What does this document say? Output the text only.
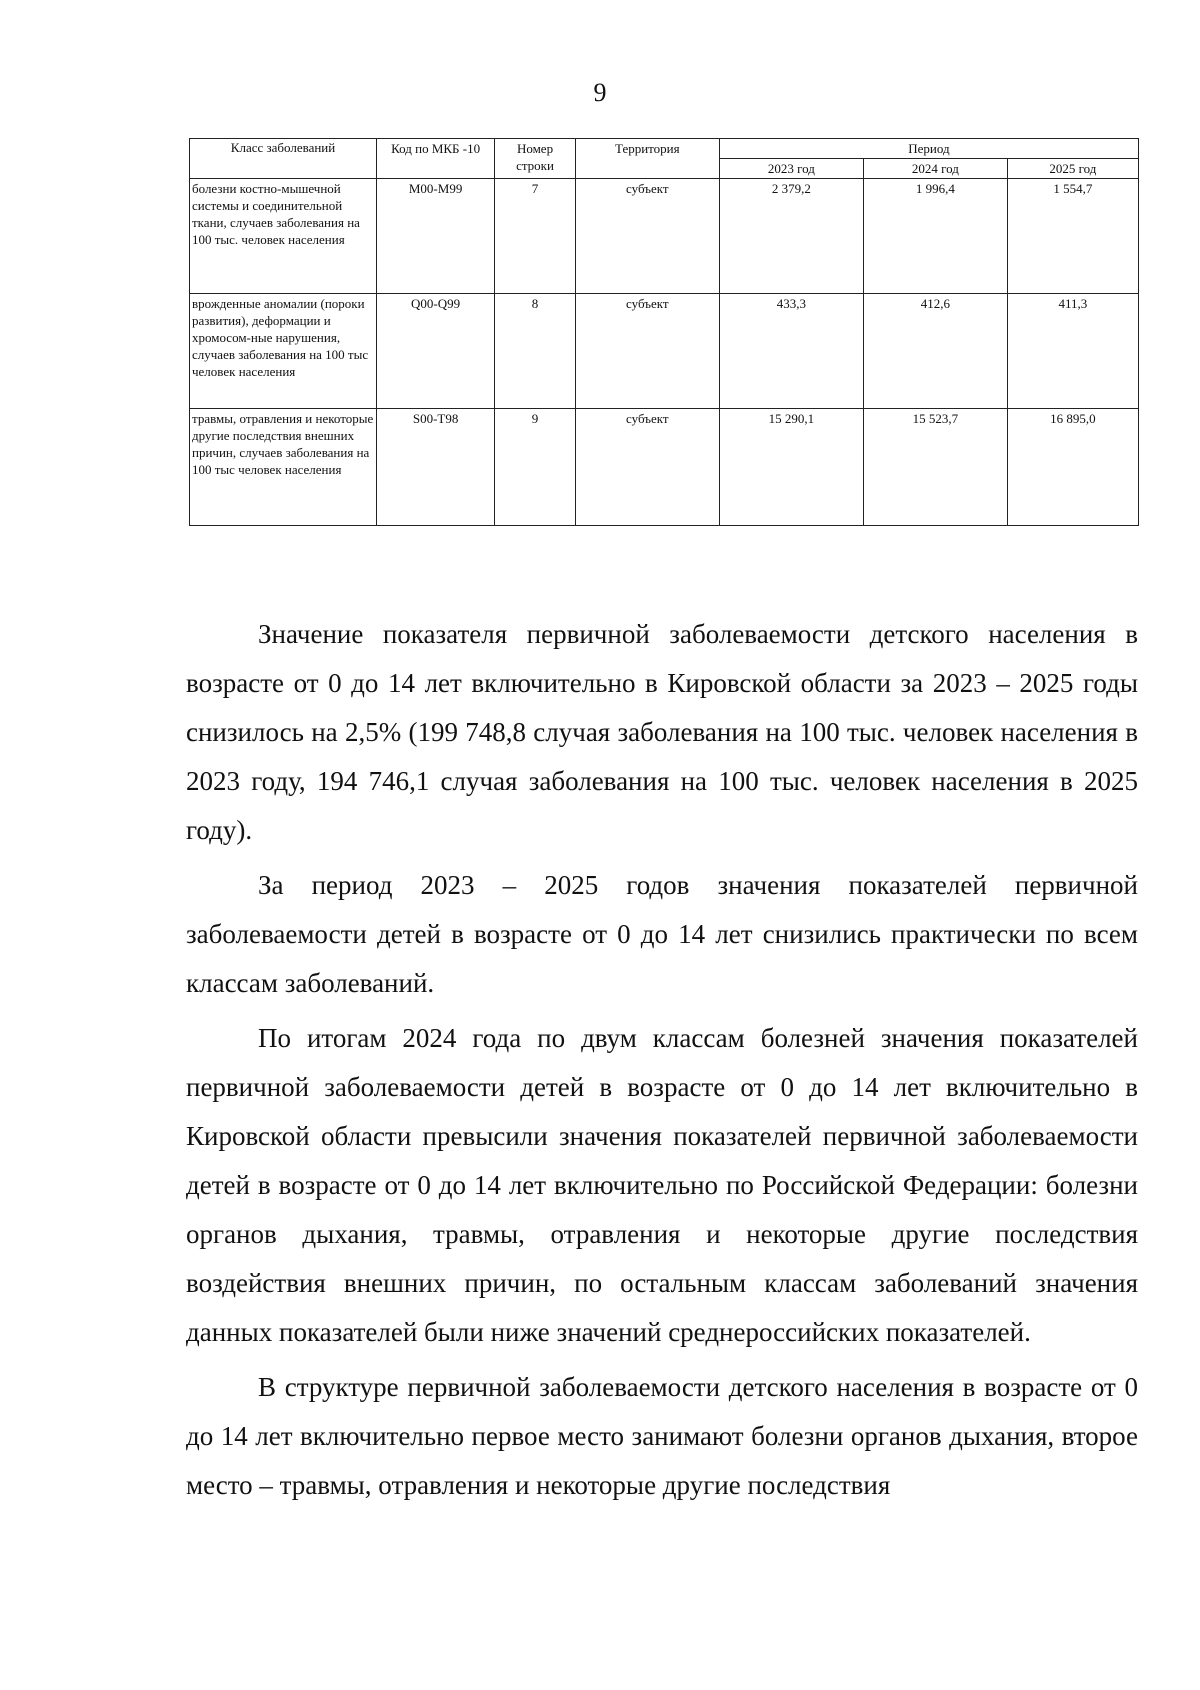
9
Класс заболеваний	Код по МКБ -10	Номер строки	Территория	Период		
				2023 год	2024 год	2025 год
болезни костно-мышечной системы и соединительной ткани, случаев заболевания на 100 тыс. человек населения	M00-M99	7	субъект	2 379,2	1 996,4	1 554,7
врожденные аномалии (пороки развития), деформации и хромосом-ные нарушения, случаев заболевания на 100 тыс человек населения	Q00-Q99	8	субъект	433,3	412,6	411,3
травмы, отравления и некоторые другие последствия внешних причин, случаев заболевания на 100 тыс человек населения	S00-T98	9	субъект	15 290,1	15 523,7	16 895,0

Значение показателя первичной заболеваемости детского населения в возрасте от 0 до 14 лет включительно в Кировской области за 2023 – 2025 годы снизилось на 2,5% (199 748,8 случая заболевания на 100 тыс. человек населения в 2023 году, 194 746,1 случая заболевания на 100 тыс. человек населения в 2025 году).

За период 2023 – 2025 годов значения показателей первичной заболеваемости детей в возрасте от 0 до 14 лет снизились практически по всем классам заболеваний.

По итогам 2024 года по двум классам болезней значения показателей первичной заболеваемости детей в возрасте от 0 до 14 лет включительно в Кировской области превысили значения показателей первичной заболеваемости детей в возрасте от 0 до 14 лет включительно по Российской Федерации: болезни органов дыхания, травмы, отравления и некоторые другие последствия воздействия внешних причин, по остальным классам заболеваний значения данных показателей были ниже значений среднероссийских показателей.

В структуре первичной заболеваемости детского населения в возрасте от 0 до 14 лет включительно первое место занимают болезни органов дыхания, второе место – травмы, отравления и некоторые другие последствия
